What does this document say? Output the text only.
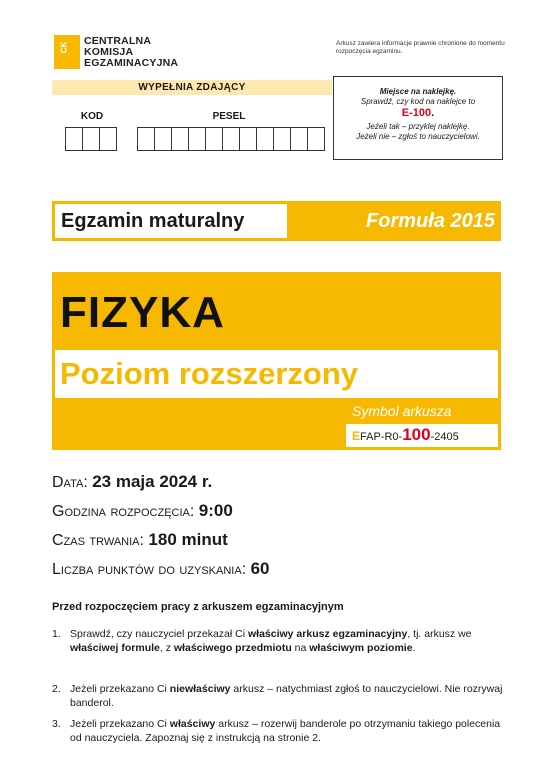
CK
CENTRALNA
KOMISJA
EGZAMINACYJNA
Arkusz zawiera informacje prawnie chronione do momentu rozpoczęcia egzaminu.
WYPEŁNIA ZDAJĄCY
KOD	PESEL
Miejsce na naklejkę.
Sprawdź, czy kod na naklejce to
E-100.
Jeżeli tak – przyklej naklejkę.
Jeżeli nie – zgłoś to nauczycielowi.
Egzamin maturalny	Formuła 2015
FIZYKA
Poziom rozszerzony
Symbol arkusza
EFAP-R0-100-2405
Data: 23 maja 2024 r.
Godzina rozpoczęcia: 9:00
Czas trwania: 180 minut
Liczba punktów do uzyskania: 60
Przed rozpoczęciem pracy z arkuszem egzaminacyjnym
1. Sprawdź, czy nauczyciel przekazał Ci właściwy arkusz egzaminacyjny, tj. arkusz we właściwej formule, z właściwego przedmiotu na właściwym poziomie.
2. Jeżeli przekazano Ci niewłaściwy arkusz – natychmiast zgłoś to nauczycielowi. Nie rozrywaj banderol.
3. Jeżeli przekazano Ci właściwy arkusz – rozerwij banderole po otrzymaniu takiego polecenia od nauczyciela. Zapoznaj się z instrukcją na stronie 2.
